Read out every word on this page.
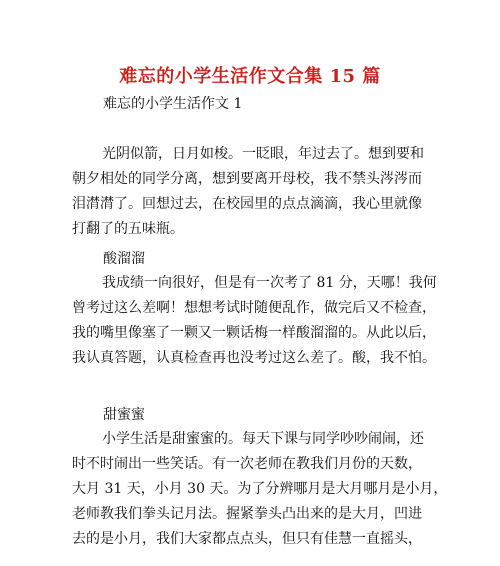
难忘的小学生活作文合集 15 篇
难忘的小学生活作文 1
光阴似箭，日月如梭。一眨眼，年过去了。想到要和
朝夕相处的同学分离，想到要离开母校，我不禁头涔涔而
泪潸潸了。回想过去，在校园里的点点滴滴，我心里就像
打翻了的五味瓶。
酸溜溜
我成绩一向很好，但是有一次考了 81 分，天哪！我何
曾考过这么差啊！想想考试时随便乱作，做完后又不检查，
我的嘴里像塞了一颗又一颗话梅一样酸溜溜的。从此以后，
我认真答题，认真检查再也没考过这么差了。酸，我不怕。
甜蜜蜜
小学生活是甜蜜蜜的。每天下课与同学吵吵闹闹，还
时不时闹出一些笑话。有一次老师在教我们月份的天数，
大月 31 天，小月 30 天。为了分辨哪月是大月哪月是小月，
老师教我们拳头记月法。握紧拳头凸出来的是大月，凹进
去的是小月，我们大家都点点头，但只有佳慧一直摇头，
